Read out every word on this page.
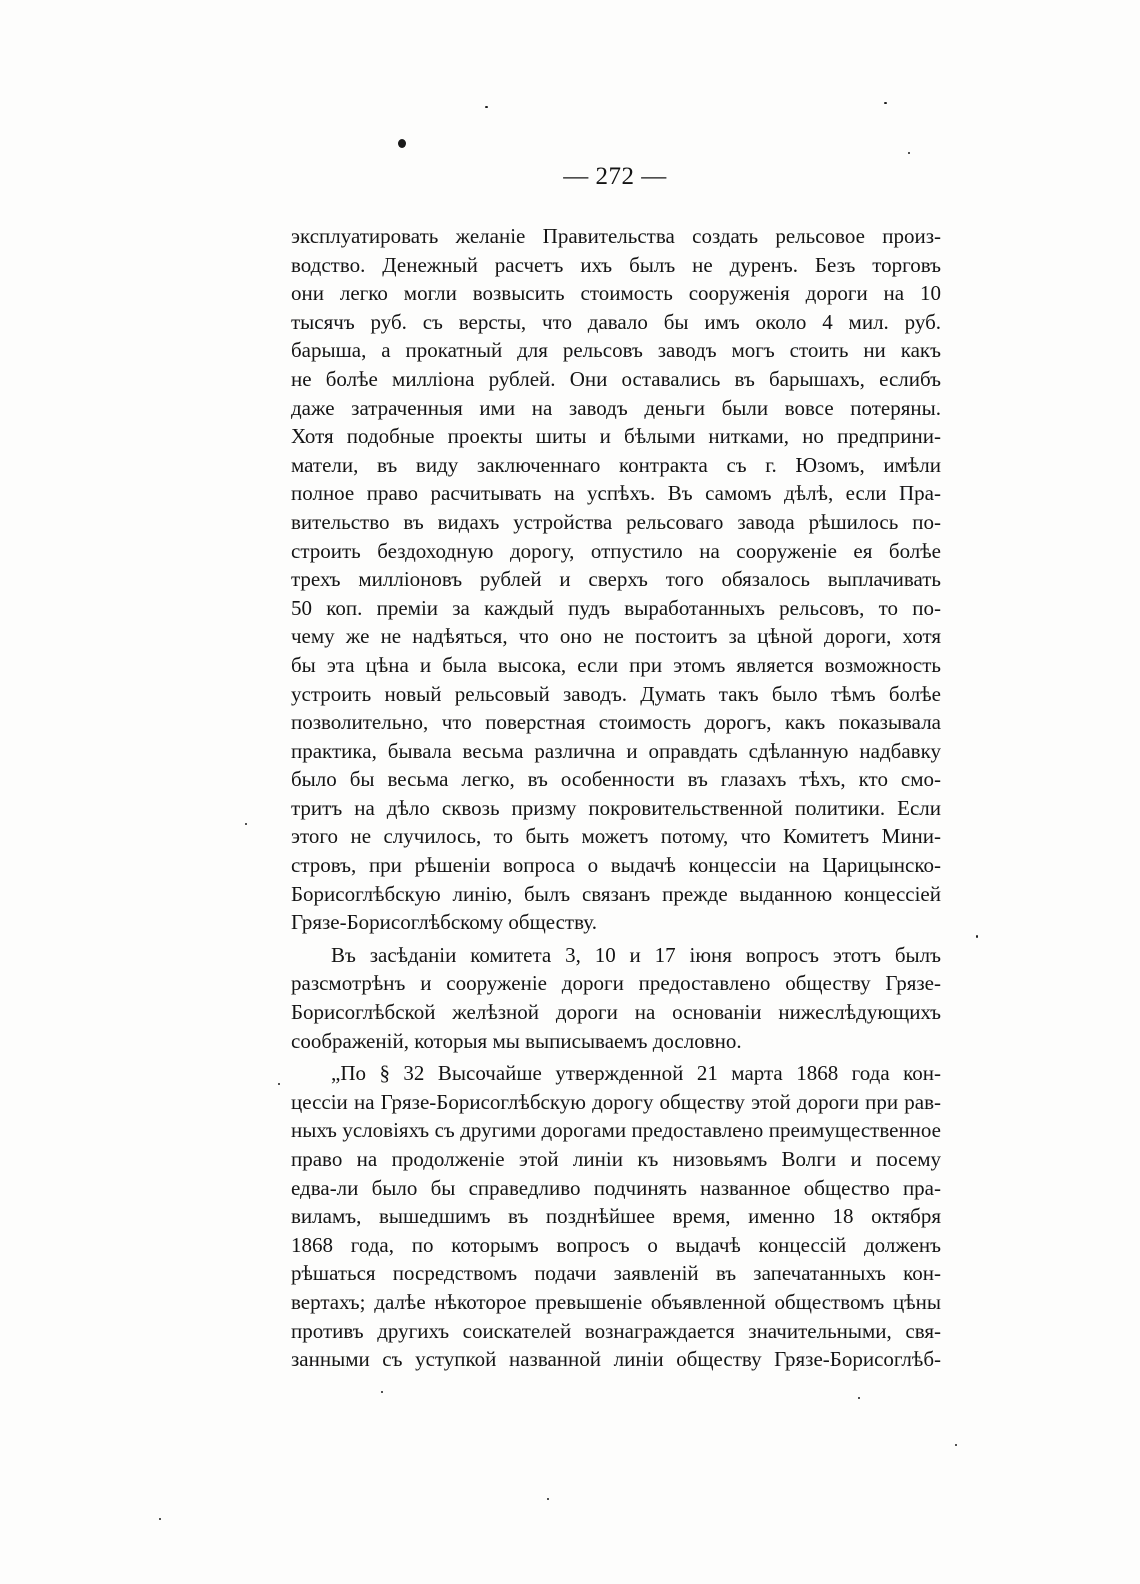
— 272 —
эксплуатировать желаніе Правительства создать рельсовое произ-
водство. Денежный расчетъ ихъ былъ не дуренъ. Безъ торговъ
они легко могли возвысить стоимость сооруженія дороги на 10
тысячъ руб. съ версты, что давало бы имъ около 4 мил. руб.
барыша, а прокатный для рельсовъ заводъ могъ стоить ни какъ
не болѣе милліона рублей. Они оставались въ барышахъ, еслибъ
даже затраченныя ими на заводъ деньги были вовсе потеряны.
Хотя подобные проекты шиты и бѣлыми нитками, но предприни-
матели, въ виду заключеннаго контракта съ г. Юзомъ, имѣли
полное право расчитывать на успѣхъ. Въ самомъ дѣлѣ, если Пра-
вительство въ видахъ устройства рельсоваго завода рѣшилось по-
строить бездоходную дорогу, отпустило на сооруженіе ея болѣе
трехъ милліоновъ рублей и сверхъ того обязалось выплачивать
50 коп. преміи за каждый пудъ выработанныхъ рельсовъ, то по-
чему же не надѣяться, что оно не постоитъ за цѣной дороги, хотя
бы эта цѣна и была высока, если при этомъ является возможность
устроить новый рельсовый заводъ. Думать такъ было тѣмъ болѣе
позволительно, что поверстная стоимость дорогъ, какъ показывала
практика, бывала весьма различна и оправдать сдѣланную надбавку
было бы весьма легко, въ особенности въ глазахъ тѣхъ, кто смо-
тритъ на дѣло сквозь призму покровительственной политики. Если
этого не случилось, то быть можетъ потому, что Комитетъ Мини-
стровъ, при рѣшеніи вопроса о выдачѣ концессіи на Царицынско-
Борисоглѣбскую линію, былъ связанъ прежде выданною концессіей
Грязе-Борисоглѣбскому обществу.
Въ засѣданіи комитета 3, 10 и 17 іюня вопросъ этотъ былъ
разсмотрѣнъ и сооруженіе дороги предоставлено обществу Грязе-
Борисоглѣбской желѣзной дороги на основаніи нижеслѣдующихъ
соображеній, которыя мы выписываемъ дословно.
„По § 32 Высочайше утвержденной 21 марта 1868 года кон-
цессіи на Грязе-Борисоглѣбскую дорогу обществу этой дороги при рав-
ныхъ условіяхъ съ другими дорогами предоставлено преимущественное
право на продолженіе этой линіи къ низовьямъ Волги и посему
едва-ли было бы справедливо подчинять названное общество пра-
виламъ, вышедшимъ въ позднѣйшее время, именно 18 октября
1868 года, по которымъ вопросъ о выдачѣ концессій долженъ
рѣшаться посредствомъ подачи заявленій въ запечатанныхъ кон-
вертахъ; далѣе нѣкоторое превышеніе объявленной обществомъ цѣны
противъ другихъ соискателей вознаграждается значительными, свя-
занными съ уступкой названной линіи обществу Грязе-Борисоглѣб-
